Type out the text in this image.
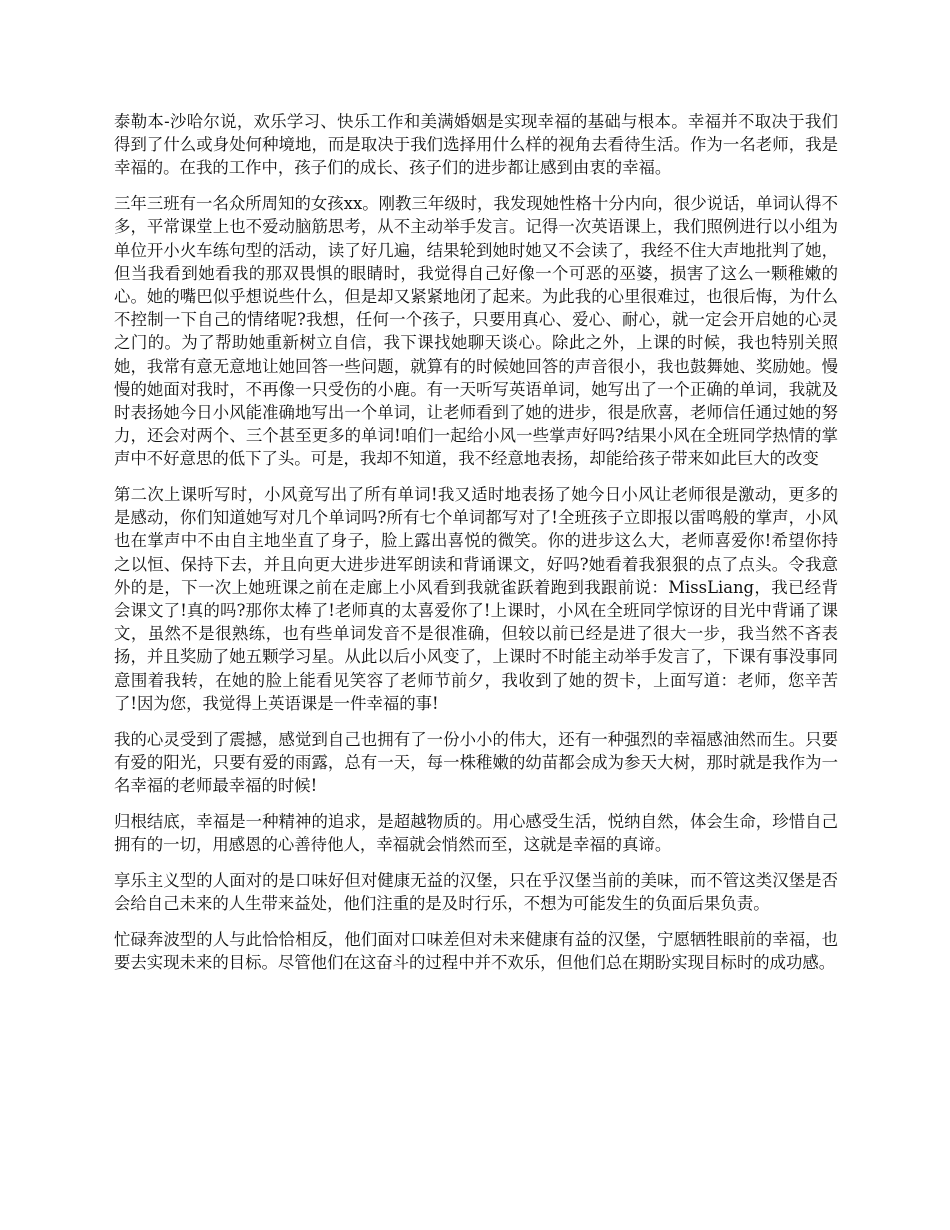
泰勒本-沙哈尔说，欢乐学习、快乐工作和美满婚姻是实现幸福的基础与根本。幸福并不取决于我们得到了什么或身处何种境地，而是取决于我们选择用什么样的视角去看待生活。作为一名老师，我是幸福的。在我的工作中，孩子们的成长、孩子们的进步都让感到由衷的幸福。

三年三班有一名众所周知的女孩xx。刚教三年级时，我发现她性格十分内向，很少说话，单词认得不多，平常课堂上也不爱动脑筋思考，从不主动举手发言。记得一次英语课上，我们照例进行以小组为单位开小火车练句型的活动，读了好几遍，结果轮到她时她又不会读了，我经不住大声地批判了她，但当我看到她看我的那双畏惧的眼睛时，我觉得自己好像一个可恶的巫婆，损害了这么一颗稚嫩的心。她的嘴巴似乎想说些什么，但是却又紧紧地闭了起来。为此我的心里很难过，也很后悔，为什么不控制一下自己的情绪呢?我想，任何一个孩子，只要用真心、爱心、耐心，就一定会开启她的心灵之门的。为了帮助她重新树立自信，我下课找她聊天谈心。除此之外，上课的时候，我也特别关照她，我常有意无意地让她回答一些问题，就算有的时候她回答的声音很小，我也鼓舞她、奖励她。慢慢的她面对我时，不再像一只受伤的小鹿。有一天听写英语单词，她写出了一个正确的单词，我就及时表扬她今日小风能准确地写出一个单词，让老师看到了她的进步，很是欣喜，老师信任通过她的努力，还会对两个、三个甚至更多的单词!咱们一起给小风一些掌声好吗?结果小风在全班同学热情的掌声中不好意思的低下了头。可是，我却不知道，我不经意地表扬，却能给孩子带来如此巨大的改变

第二次上课听写时，小风竟写出了所有单词!我又适时地表扬了她今日小风让老师很是激动，更多的是感动，你们知道她写对几个单词吗?所有七个单词都写对了!全班孩子立即报以雷鸣般的掌声，小风也在掌声中不由自主地坐直了身子，脸上露出喜悦的微笑。你的进步这么大，老师喜爱你!希望你持之以恒、保持下去，并且向更大进步进军朗读和背诵课文，好吗?她看着我狠狠的点了点头。令我意外的是，下一次上她班课之前在走廊上小风看到我就雀跃着跑到我跟前说：MissLiang，我已经背会课文了!真的吗?那你太棒了!老师真的太喜爱你了!上课时，小风在全班同学惊讶的目光中背诵了课文，虽然不是很熟练，也有些单词发音不是很准确，但较以前已经是进了很大一步，我当然不吝表扬，并且奖励了她五颗学习星。从此以后小风变了，上课时不时能主动举手发言了，下课有事没事同意围着我转，在她的脸上能看见笑容了老师节前夕，我收到了她的贺卡，上面写道：老师，您辛苦了!因为您，我觉得上英语课是一件幸福的事!

我的心灵受到了震撼，感觉到自己也拥有了一份小小的伟大，还有一种强烈的幸福感油然而生。只要有爱的阳光，只要有爱的雨露，总有一天，每一株稚嫩的幼苗都会成为参天大树，那时就是我作为一名幸福的老师最幸福的时候!

归根结底，幸福是一种精神的追求，是超越物质的。用心感受生活，悦纳自然，体会生命，珍惜自己拥有的一切，用感恩的心善待他人，幸福就会悄然而至，这就是幸福的真谛。

享乐主义型的人面对的是口味好但对健康无益的汉堡，只在乎汉堡当前的美味，而不管这类汉堡是否会给自己未来的人生带来益处，他们注重的是及时行乐，不想为可能发生的负面后果负责。

忙碌奔波型的人与此恰恰相反，他们面对口味差但对未来健康有益的汉堡，宁愿牺牲眼前的幸福，也要去实现未来的目标。尽管他们在这奋斗的过程中并不欢乐，但他们总在期盼实现目标时的成功感。
